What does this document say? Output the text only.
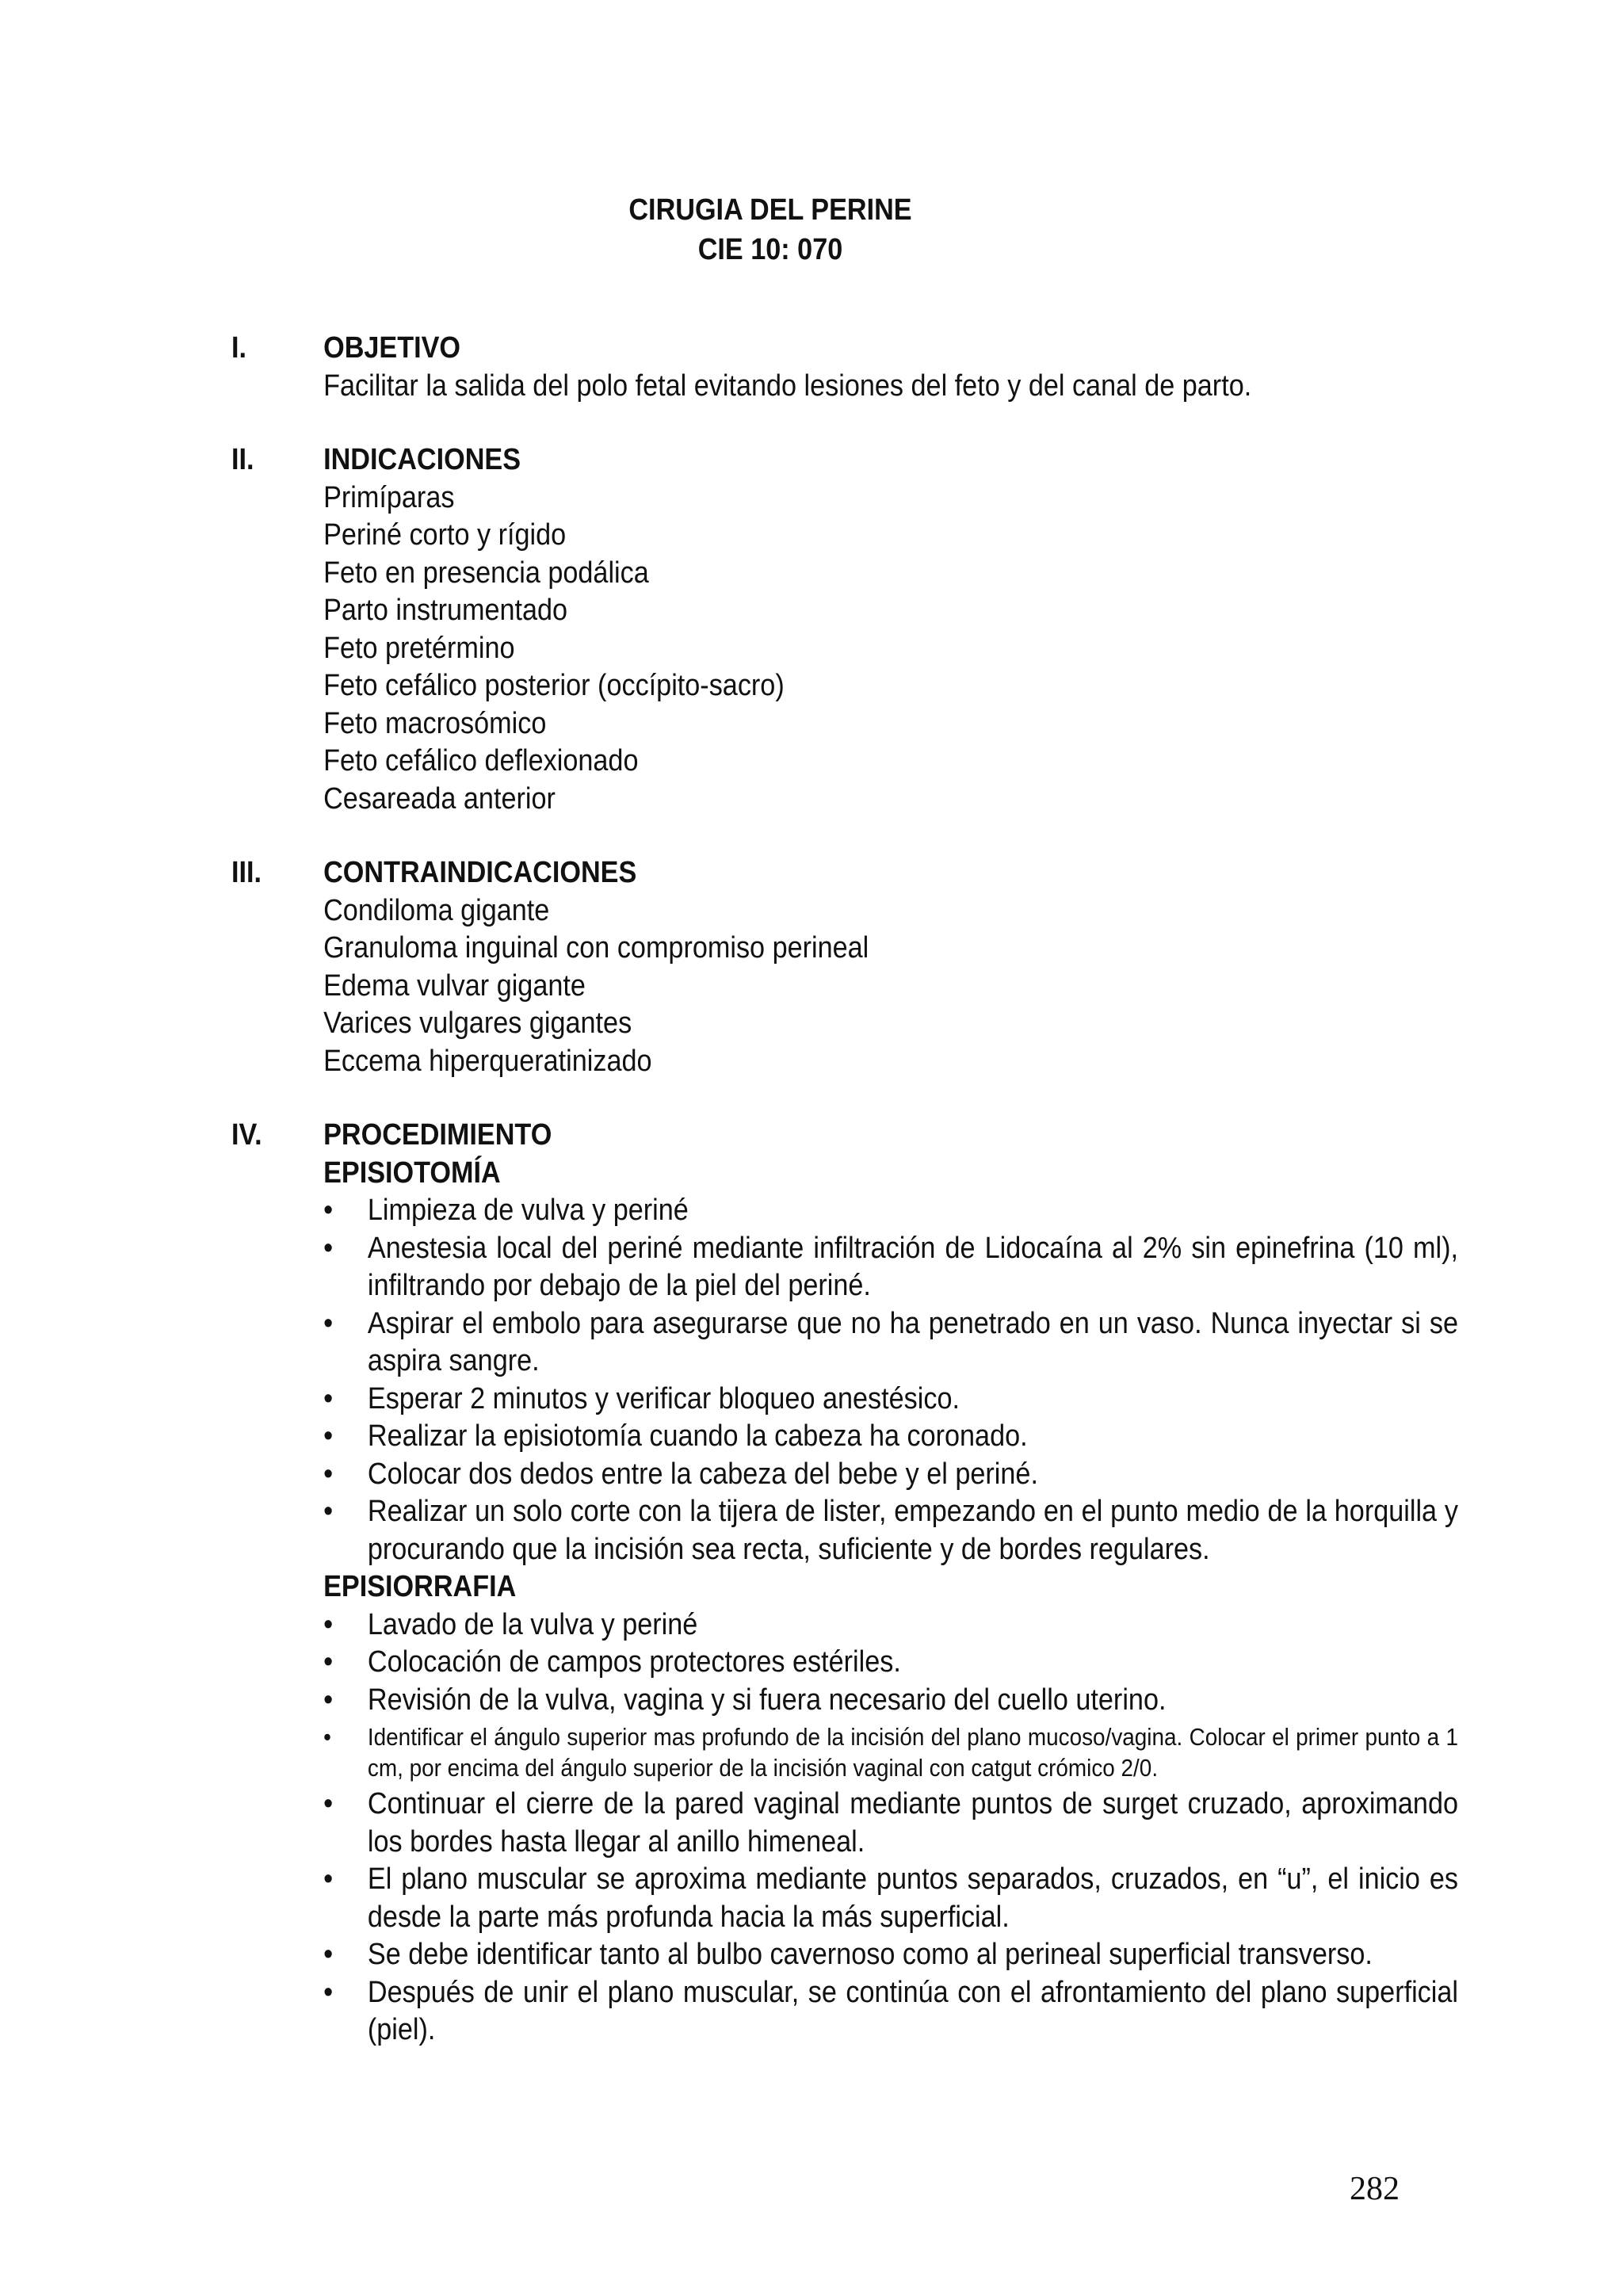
CIRUGIA DEL PERINE
CIE 10: 070
I.	OBJETIVO
Facilitar la salida del polo fetal evitando lesiones del feto y del canal de parto.
II. INDICACIONES
Primíparas
Periné corto y rígido
Feto en presencia podálica
Parto instrumentado
Feto pretérmino
Feto cefálico posterior (occípito-sacro)
Feto macrosómico
Feto cefálico deflexionado
Cesareada anterior
III. CONTRAINDICACIONES
Condiloma gigante
Granuloma inguinal con compromiso perineal
Edema vulvar gigante
Varices vulgares gigantes
Eccema hiperqueratinizado
IV. PROCEDIMIENTO
EPISIOTOMÍA
• Limpieza de vulva y periné
• Anestesia local del periné mediante infiltración de Lidocaína al 2% sin epinefrina (10 ml), infiltrando por debajo de la piel del periné.
• Aspirar el embolo para asegurarse que no ha penetrado en un vaso. Nunca inyectar si se aspira sangre.
• Esperar 2 minutos y verificar bloqueo anestésico.
• Realizar la episiotomía cuando la cabeza ha coronado.
• Colocar dos dedos entre la cabeza del bebe y el periné.
• Realizar un solo corte con la tijera de lister, empezando en el punto medio de la horquilla y procurando que la incisión sea recta, suficiente y de bordes regulares.
EPISIORRAFIA
• Lavado de la vulva y periné
• Colocación de campos protectores estériles.
• Revisión de la vulva, vagina y si fuera necesario del cuello uterino.
• Identificar el ángulo superior mas profundo de la incisión del plano mucoso/vagina. Colocar el primer punto a 1 cm, por encima del ángulo superior de la incisión vaginal con catgut crómico 2/0.
• Continuar el cierre de la pared vaginal mediante puntos de surget cruzado, aproximando los bordes hasta llegar al anillo himeneal.
• El plano muscular se aproxima mediante puntos separados, cruzados, en “u”, el inicio es desde la parte más profunda hacia la más superficial.
• Se debe identificar tanto al bulbo cavernoso como al perineal superficial transverso.
• Después de unir el plano muscular, se continúa con el afrontamiento del plano superficial (piel).
282
